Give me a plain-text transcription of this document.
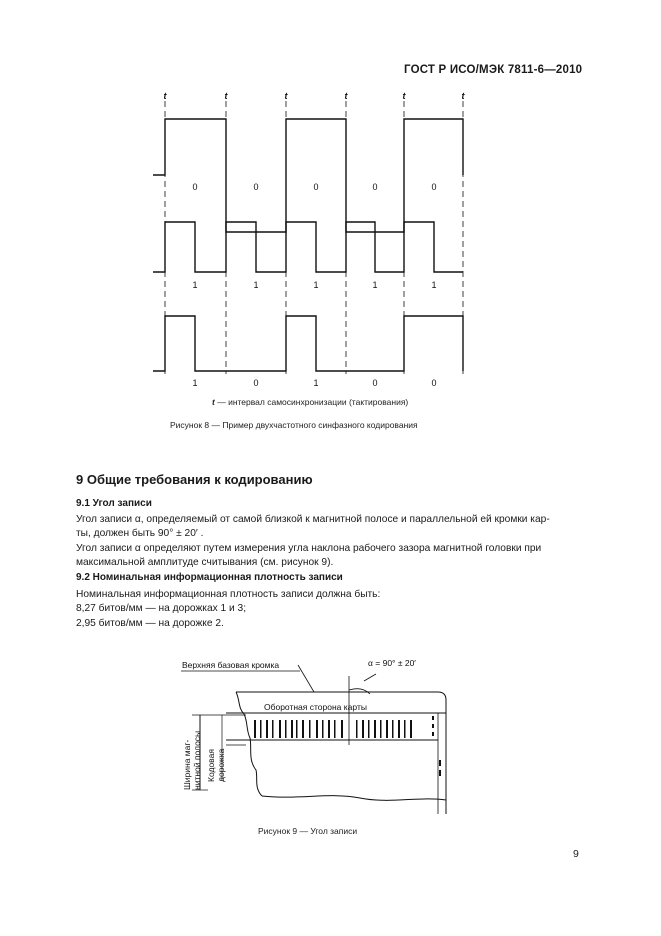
ГОСТ Р ИСО/МЭК 7811-6—2010
t	t	t	t	t	t
0	0	0	0	0
1	1	1	1	1
1	0	1	0	0
t — интервал самосинхронизации (тактирования)
Рисунок 8 — Пример двухчастотного синфазного кодирования
9 Общие требования к кодированию
9.1 Угол записи
Угол записи α, определяемый от самой близкой к магнитной полосе и параллельной ей кромки кар-
ты, должен быть 90° ± 20′ .
Угол записи α определяют путем измерения угла наклона рабочего зазора магнитной головки при
максимальной амплитуде считывания (см. рисунок 9).
9.2 Номинальная информационная плотность записи
Номинальная информационная плотность записи должна быть:
8,27 битов/мм — на дорожках 1 и 3;
2,95 битов/мм — на дорожке 2.
Верхняя базовая кромка	α = 90° ± 20′
Оборотная сторона карты
Ширина маг- нитной полосы Кодовая дорожка
Рисунок 9 — Угол записи
9
